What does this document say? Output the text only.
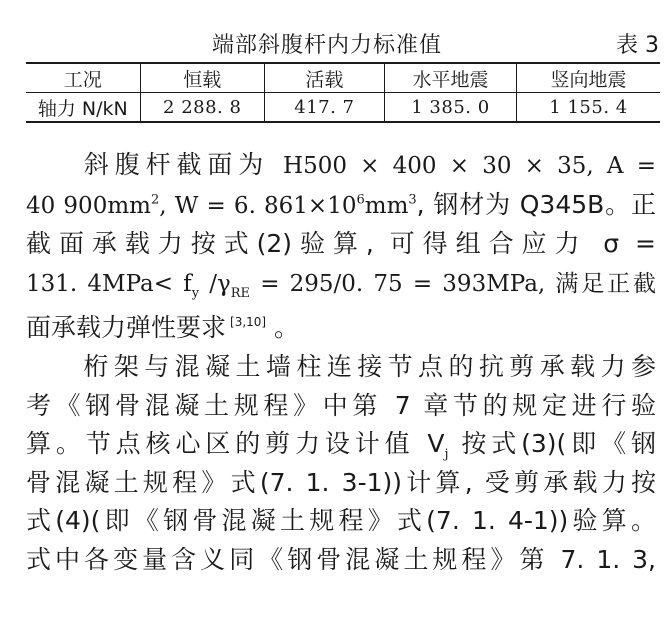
端部斜腹杆内力标准值	表 3
工况	恒载	活载	水平地震	竖向地震
轴力 N/kN	2 288. 8	417. 7	1 385. 0	1 155. 4

斜腹杆截面为 H500 × 400 × 30 × 35, A =

40 $900mm^2$, W = 6. $861\times 10^6mm^3$, 钢材为 Q345B。正

截面承载力按式(2)验算, 可得组合应力 σ =

131. $4MPa< f_y$ $/\gamma_{RE} = 295/0$. 75 = 393MPa, 满足正截

面承载力弹性要求 [3,10] 。

桁架与混凝土墙柱连接节点的抗剪承载力参

考《钢骨混凝土规程》中第 7 章节的规定进行验

算。节点核心区的剪力设计值 $V_j$ 按式(3)(即《钢

骨混凝土规程》式(7. 1. 3-1))计算, 受剪承载力按

式(4)(即《钢骨混凝土规程》式(7. 1. 4-1))验算。

式中各变量含义同《钢骨混凝土规程》第 7. 1. 3,
